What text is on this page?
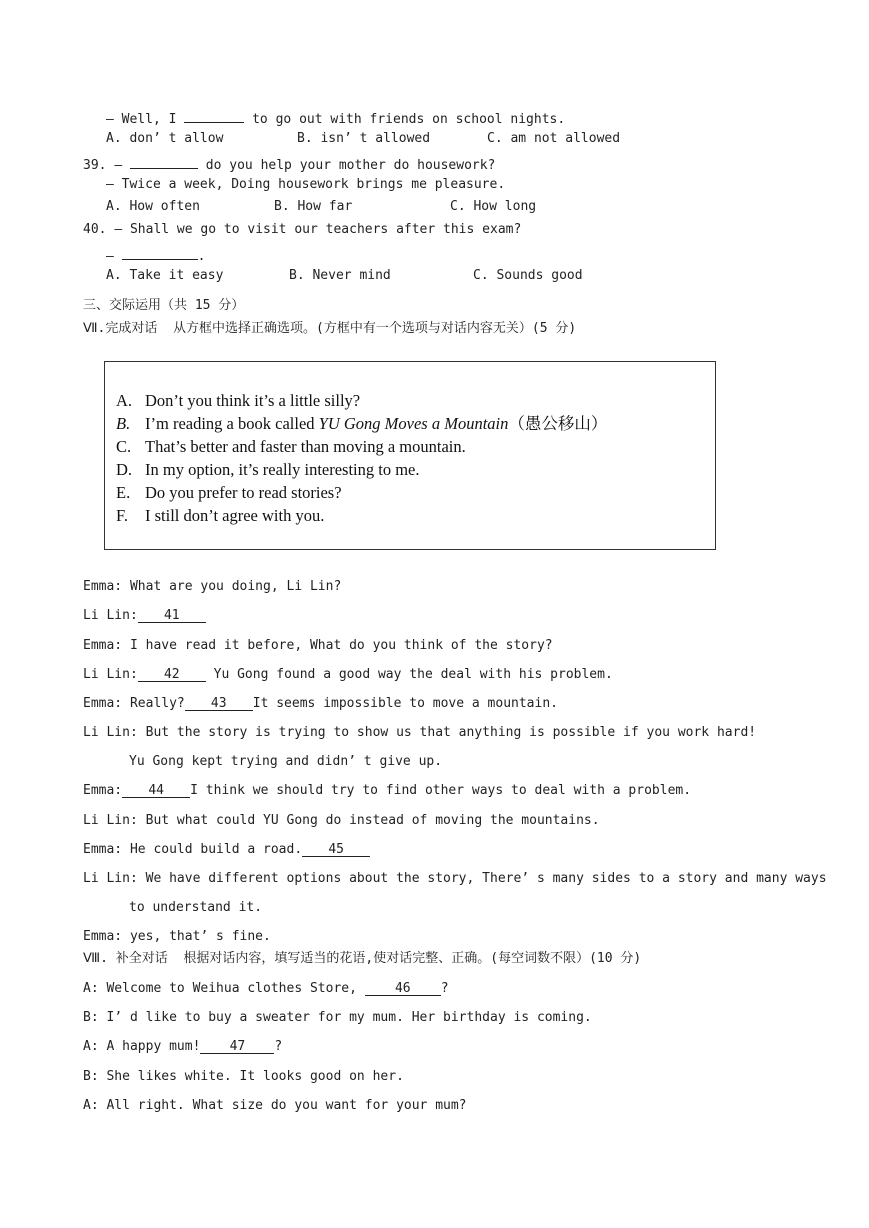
— Well, I	to go out with friends on school nights.
A. don’ t allow	B. isn’ t allowed	C. am not allowed
39. —	do you help your mother do housework?
— Twice a week, Doing housework brings me pleasure.
A. How often	B. How far	C. How long
40. — Shall we go to visit our teachers after this exam?
—	.
A. Take it easy	B. Never mind	C. Sounds good
三、交际运用（共 15 分）
Ⅶ.完成对话  从方框中选择正确选项。(方框中有一个选项与对话内容无关）(5 分)
A. Don’t you think it’s a little silly?
B. I’m reading a book called YU Gong Moves a Mountain（愚公移山）
C. That’s better and faster than moving a mountain.
D. In my option, it’s really interesting to me.
E. Do you prefer to read stories?
F. I still don’t agree with you.
Emma: What are you doing, Li Lin?
Li Lin: 41
Emma: I have read it before, What do you think of the story?
Li Lin: 42 Yu Gong found a good way the deal with his problem.
Emma: Really? 43 It seems impossible to move a mountain.
Li Lin: But the story is trying to show us that anything is possible if you work hard!
Yu Gong kept trying and didn’ t give up.
Emma: 44 I think we should try to find other ways to deal with a problem.
Li Lin: But what could YU Gong do instead of moving the mountains.
Emma: He could build a road. 45
Li Lin: We have different options about the story, There’ s many sides to a story and many ways
to understand it.
Emma: yes, that’ s fine.
Ⅷ. 补全对话  根据对话内容，填写适当的花语,使对话完整、正确。(每空词数不限）(10 分)
A: Welcome to Weihua clothes Store, 46 ?
B: I’ d like to buy a sweater for my mum. Her birthday is coming.
A: A happy mum! 47 ?
B: She likes white. It looks good on her.
A: All right. What size do you want for your mum?
